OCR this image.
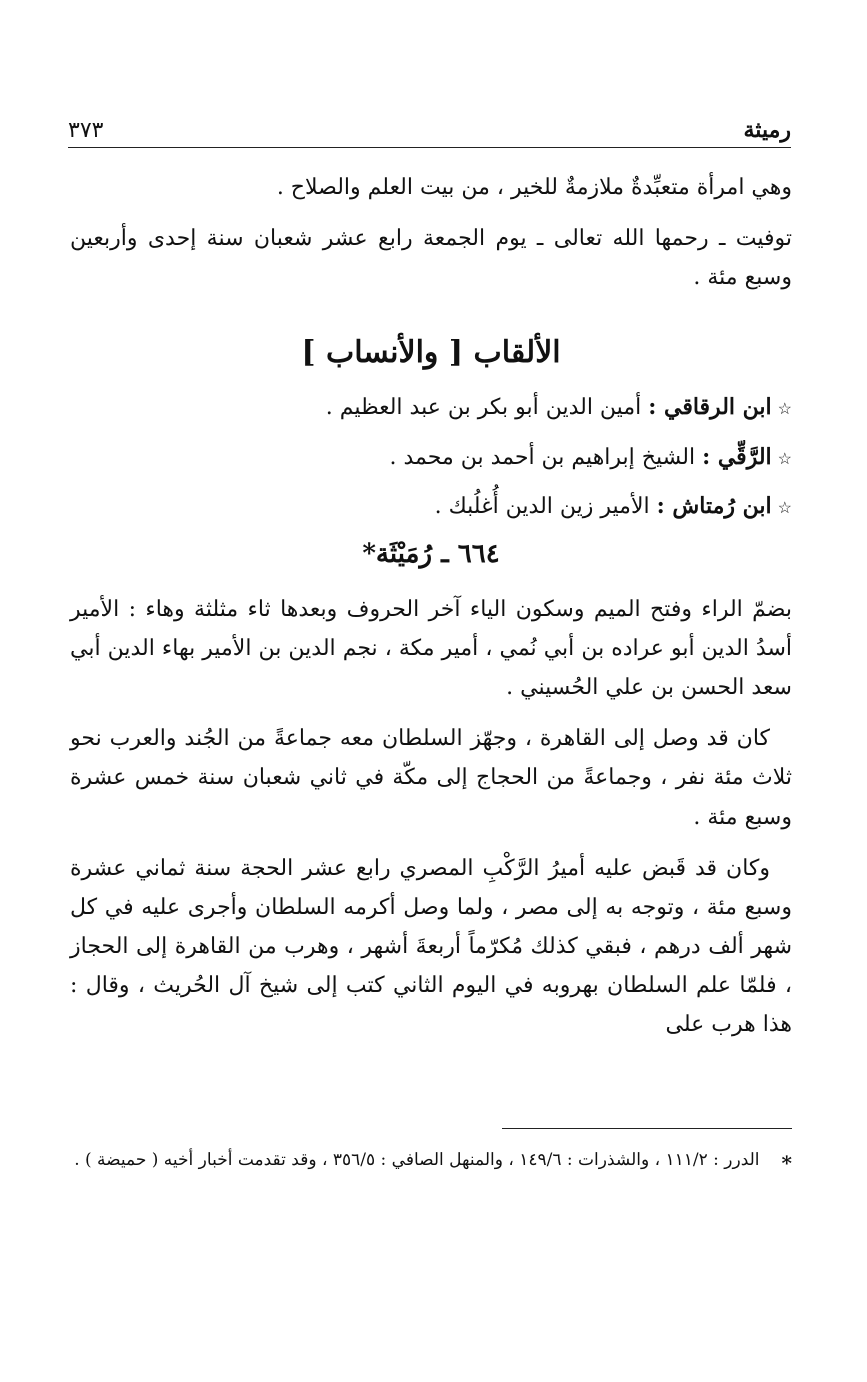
رميثة
٣٧٣

وهي امرأة متعبِّدةٌ ملازمةٌ للخير ، من بيت العلم والصلاح .

توفيت ـ رحمها الله تعالى ـ يوم الجمعة رابع عشر شعبان سنة إحدى وأربعين وسبع مئة .

الألقاب [ والأنساب ]
☆ابن الرقاقي : أمين الدين أبو بكر بن عبد العظيم .
☆الرَّقِّي : الشيخ إبراهيم بن أحمد بن محمد .
☆ابن رُمتاش : الأمير زين الدين أُغلُبك .
٦٦٤ ـ رُمَيْثَة*

بضمّ الراء وفتح الميم وسكون الياء آخر الحروف وبعدها ثاء مثلثة وهاء : الأمير أسدُ الدين أبو عراده بن أبي نُمي ، أمير مكة ، نجم الدين بن الأمير بهاء الدين أبي سعد الحسن بن علي الحُسيني .

كان قد وصل إلى القاهرة ، وجهّز السلطان معه جماعةً من الجُند والعرب نحو ثلاث مئة نفر ، وجماعةً من الحجاج إلى مكّة في ثاني شعبان سنة خمس عشرة وسبع مئة .

وكان قد قَبض عليه أميرُ الرَّكْبِ المصري رابع عشر الحجة سنة ثماني عشرة وسبع مئة ، وتوجه به إلى مصر ، ولما وصل أكرمه السلطان وأجرى عليه في كل شهر ألف درهم ، فبقي كذلك مُكرّماً أربعةَ أشهر ، وهرب من القاهرة إلى الحجاز ، فلمّا علم السلطان بهروبه في اليوم الثاني كتب إلى شيخ آل الحُريث ، وقال : هذا هرب على

*
الدرر : ١١١/٢ ، والشذرات : ١٤٩/٦ ، والمنهل الصافي : ٣٥٦/٥ ، وقد تقدمت أخبار أخيه ( حميضة ) .
